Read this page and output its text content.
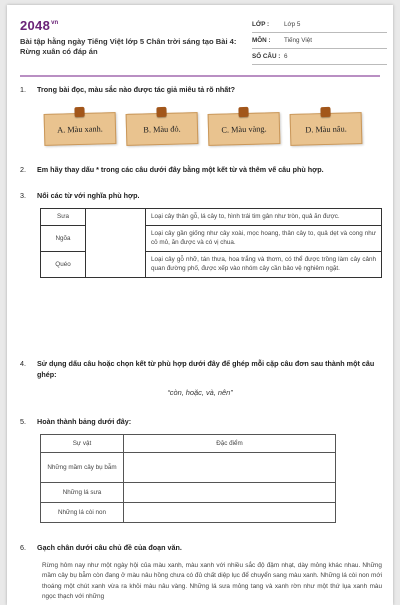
$2048^{vn}$
Bài tập hằng ngày Tiếng Việt lớp 5 Chân trời sáng tạo Bài 4: Rừng xuân có đáp án
LỚP :	Lớp 5
MÔN :	Tiếng Việt
SỐ CÂU : 6
1. Trong bài đọc, màu sắc nào được tác giả miêu tả rõ nhất?
A. Màu xanh.	B. Màu đỏ.	C. Màu vàng.	D. Màu nâu.
2. Em hãy thay dấu * trong các câu dưới đây bằng một kết từ và thêm vế câu phù hợp.
3. Nối các từ với nghĩa phù hợp.
Sưa		Loại cây thân gỗ, lá cây to, hình trái tim gân như tròn, quả ăn được.
Ngõa		Loại cây gần giống như cây xoài, mọc hoang, thân cây to, quả dẹt và cong như cỏ mỏ, ăn được và có vị chua.
Quéo		Loại cây gỗ nhỡ, tán thưa, hoa trắng và thơm, có thể được trồng làm cây cảnh quan đường phố, được xếp vào nhóm cây cần bảo vệ nghiêm ngặt.
4. Sử dụng dấu câu hoặc chọn kết từ phù hợp dưới đây để ghép mỗi cặp câu đơn sau thành một câu ghép:
“còn, hoặc, và, nên”
5. Hoàn thành bảng dưới đây:
Sự vật	Đặc điểm
Những mầm cây bụ bẫm	
Những lá sưa	
Những lá còi non	
6. Gạch chân dưới câu chủ đề của đoạn văn.
Rừng hôm nay như một ngày hội của màu xanh, màu xanh với nhiều sắc độ đậm nhạt, dày mỏng khác nhau. Những mầm cây bụ bẫm còn đang ở màu nâu hồng chưa có đủ chất diệp lục để chuyển sang màu xanh. Những lá còi non mới thoáng một chút xanh vừa ra khỏi màu nâu vàng. Những lá sưa mỏng tang và xanh rờn như một thứ lụa xanh màu ngọc thạch với những
